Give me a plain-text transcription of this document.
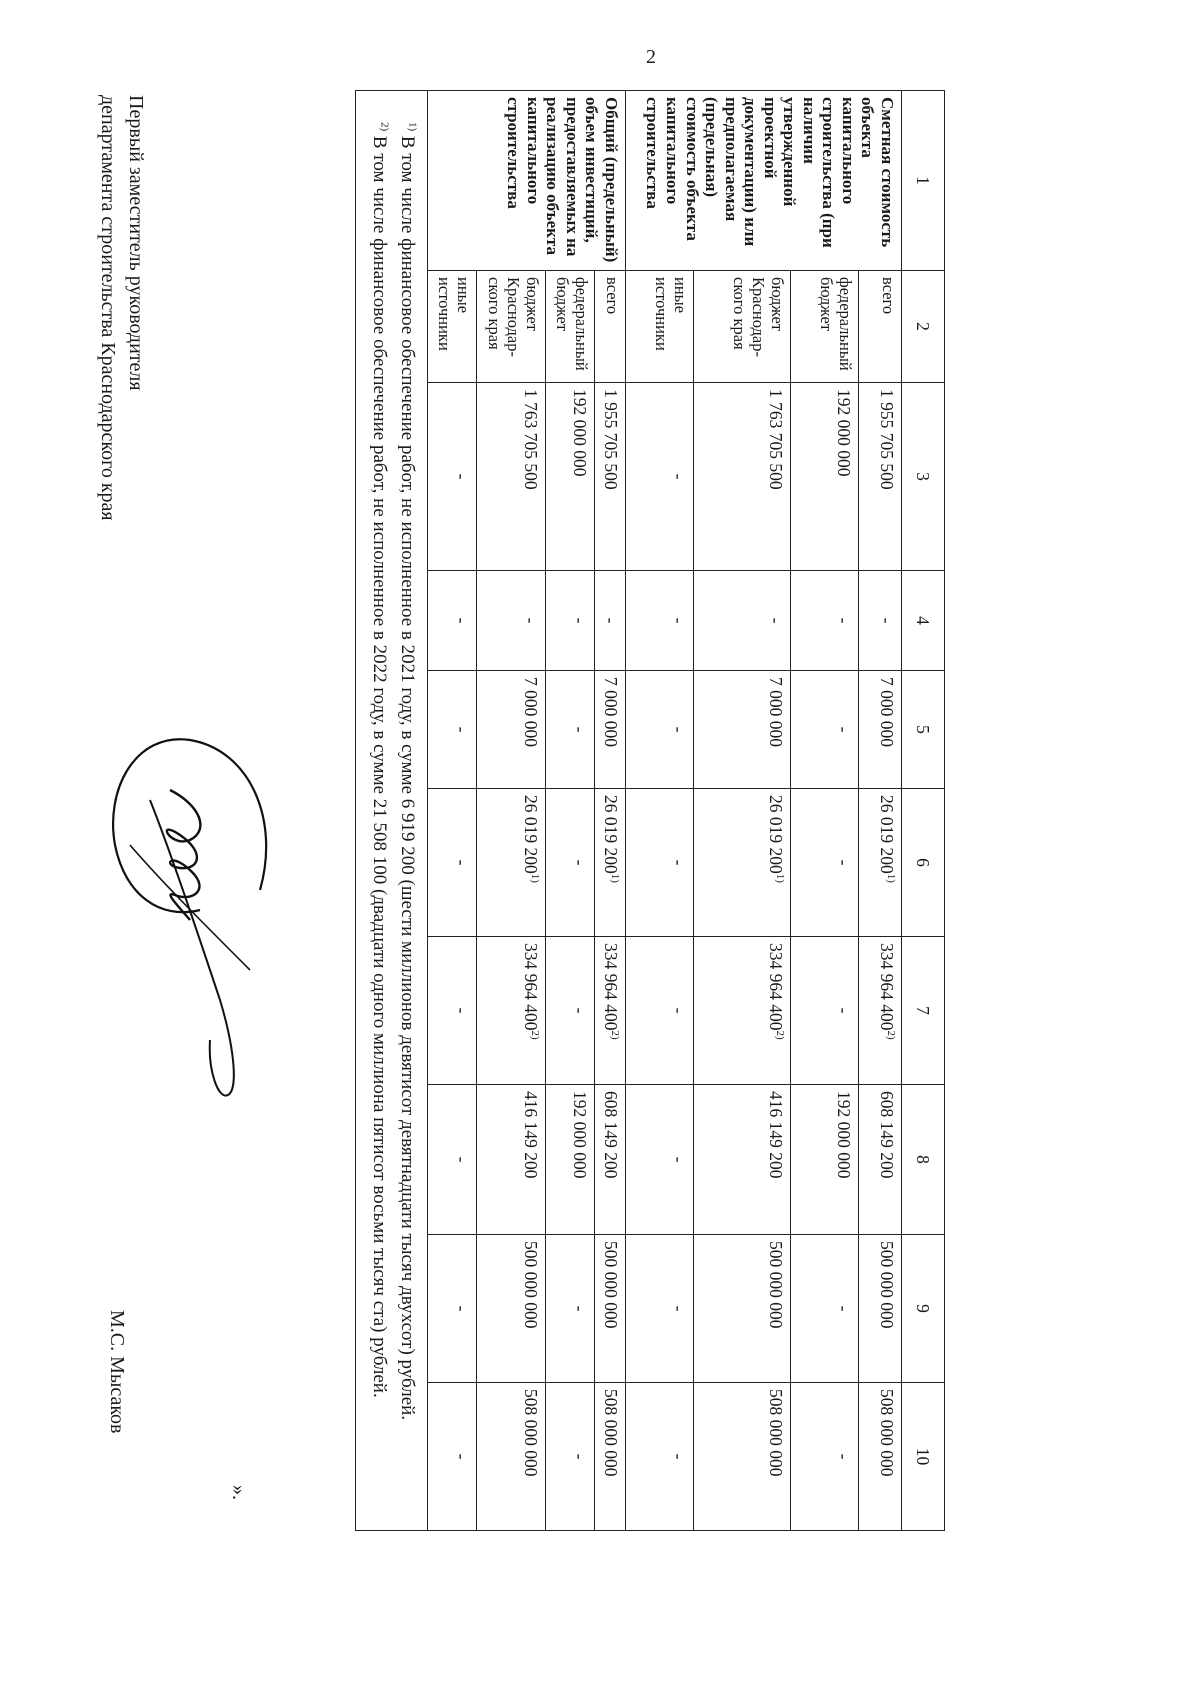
2
1	2	3	4	5	6	7	8	9	10
Сметная стоимость объекта капитального строительства (при наличии утвержденной проектной документации) или предполагаемая (предельная) стоимость объекта капитального строительства	всего	1 955 705 500	-	7 000 000	26 019 200$^{1)}$	334 964 400$^{2)}$	608 149 200	500 000 000	508 000 000
	федеральный бюджет	192 000 000	-	-	-	-	192 000 000	-	-
	бюджет Краснодар-ского края	1 763 705 500	-	7 000 000	26 019 200$^{1)}$	334 964 400$^{2)}$	416 149 200	500 000 000	508 000 000
	иные источники	-	-	-	-	-	-	-	-
Общий (предельный) объем инвестиций, предоставляемых на реализацию объекта капитального строительства	всего	1 955 705 500	-	7 000 000	26 019 200$^{1)}$	334 964 400$^{2)}$	608 149 200	500 000 000	508 000 000
	федеральный бюджет	192 000 000	-	-	-	-	192 000 000	-	-
	бюджет Краснодар-ского края	1 763 705 500	-	7 000 000	26 019 200$^{1)}$	334 964 400$^{2)}$	416 149 200	500 000 000	508 000 000
	иные источники	-	-	-	-	-	-	-	-

$^{1)}$ В том числе финансовое обеспечение работ, не исполненное в 2021 году, в сумме 6 919 200 (шести миллионов девятисот девятнадцати тысяч двухсот) рублей.
$^{2)}$ В том числе финансовое обеспечение работ, не исполненное в 2022 году, в сумме 21 508 100 (двадцати одного миллиона пятисот восьми тысяч ста) рублей.									
».
Первый заместитель руководителя
департамента строительства Краснодарского края
М.С. Мысаков
